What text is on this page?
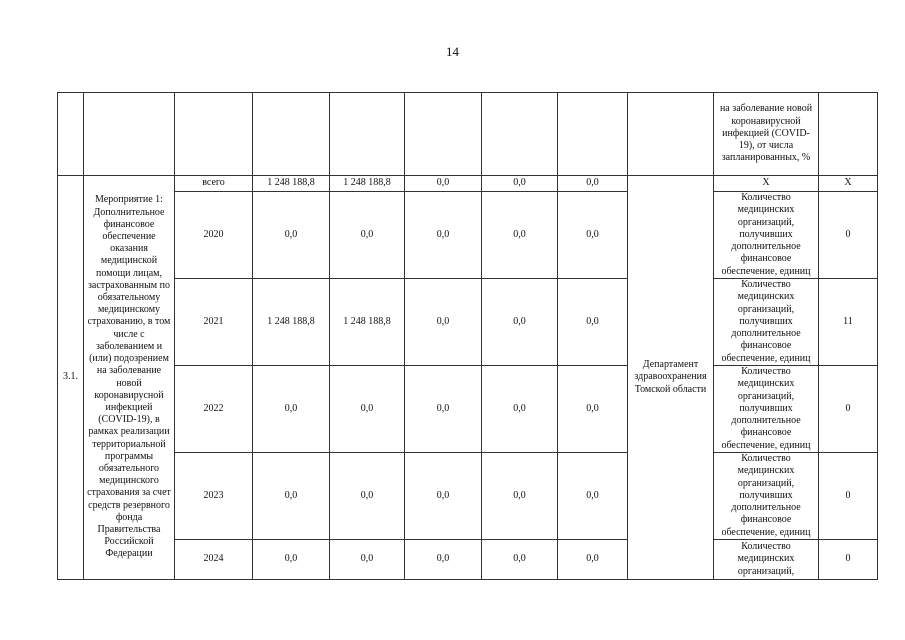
14
									на заболевание новой коронавирусной инфекцией (COVID-19), от числа запланированных, %	
3.1.	Мероприятие 1: Дополнительное финансовое обеспечение оказания медицинской помощи лицам, застрахованным по обязательному медицинскому страхованию, в том числе с заболеванием и (или) подозрением на заболевание новой коронавирусной инфекцией (COVID-19), в рамках реализации территориальной программы обязательного медицинского страхования за счет средств резервного фонда Правительства Российской Федерации	всего	1 248 188,8	1 248 188,8	0,0	0,0	0,0	Департамент здравоохранения Томской области	Х	Х
		2020	0,0	0,0	0,0	0,0	0,0		Количество медицинских организаций, получивших дополнительное финансовое обеспечение, единиц	0
		2021	1 248 188,8	1 248 188,8	0,0	0,0	0,0		Количество медицинских организаций, получивших дополнительное финансовое обеспечение, единиц	11
		2022	0,0	0,0	0,0	0,0	0,0		Количество медицинских организаций, получивших дополнительное финансовое обеспечение, единиц	0
		2023	0,0	0,0	0,0	0,0	0,0		Количество медицинских организаций, получивших дополнительное финансовое обеспечение, единиц	0
		2024	0,0	0,0	0,0	0,0	0,0		Количество медицинских организаций,	0
